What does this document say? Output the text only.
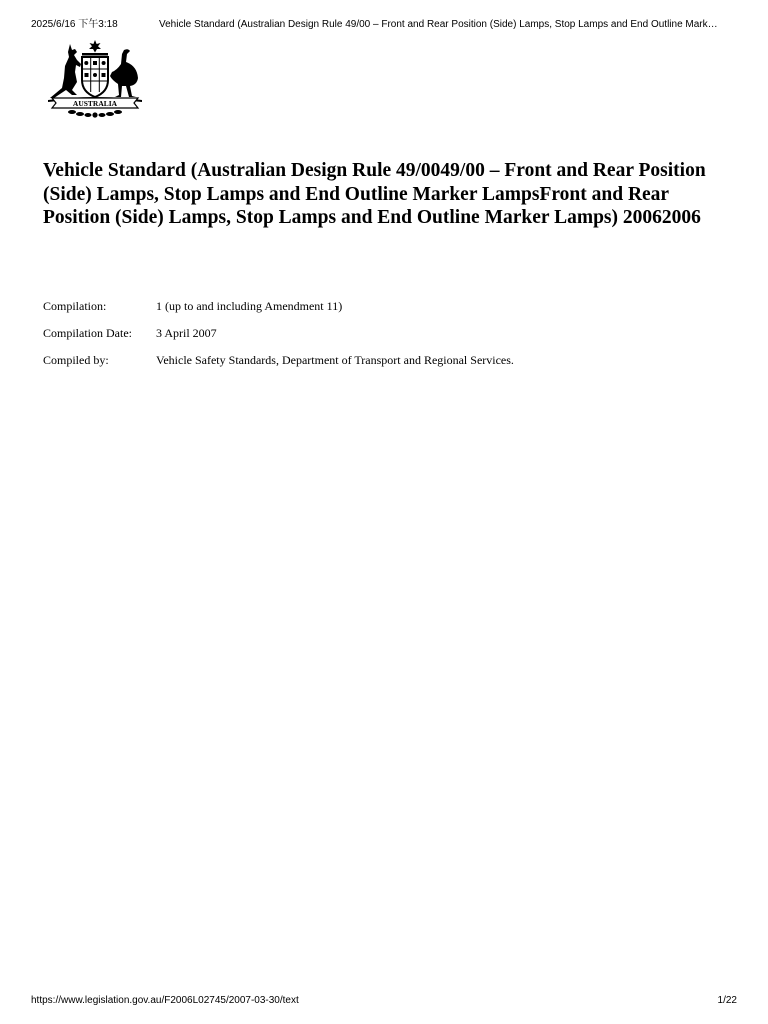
2025/6/16 下午3:18	Vehicle Standard (Australian Design Rule 49/00 – Front and Rear Position (Side) Lamps, Stop Lamps and End Outline Mark…
AUSTRALIA
Vehicle Standard (Australian Design Rule 49/0049/00 – Front and Rear Position (Side) Lamps, Stop Lamps and End Outline Marker LampsFront and Rear Position (Side) Lamps, Stop Lamps and End Outline Marker Lamps) 20062006
Compilation:	1 (up to and including Amendment 11)
Compilation Date: 3 April 2007
Compiled by:	Vehicle Safety Standards, Department of Transport and Regional Services.
https://www.legislation.gov.au/F2006L02745/2007-03-30/text	1/22
